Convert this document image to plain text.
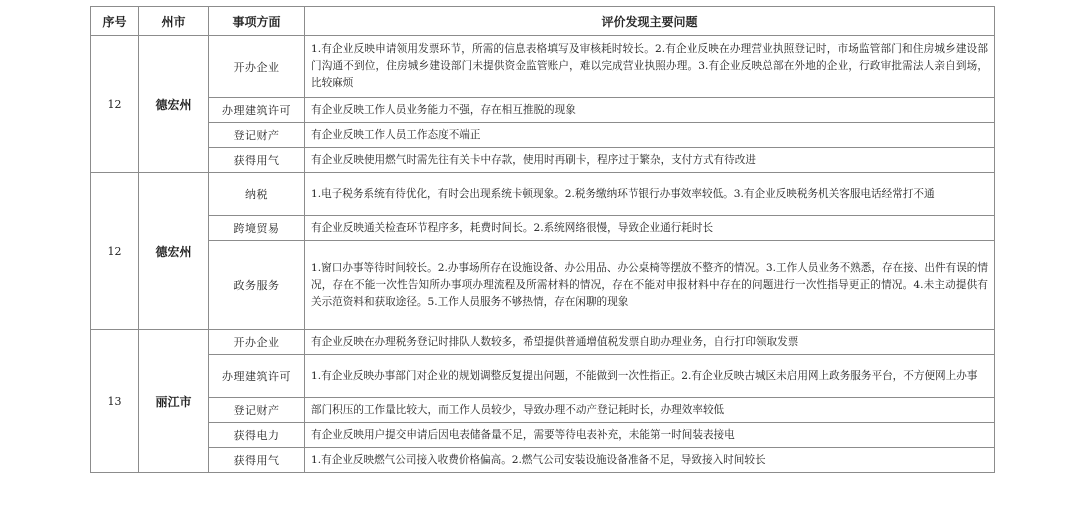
序号	州市	事项方面	评价发现主要问题
12	德宏州	开办企业	1.有企业反映申请领用发票环节，所需的信息表格填写及审核耗时较长。2.有企业反映在办理营业执照登记时，市场监管部门和住房城乡建设部门沟通不到位，住房城乡建设部门未提供资金监管账户，难以完成营业执照办理。3.有企业反映总部在外地的企业，行政审批需法人亲自到场，比较麻烦
		办理建筑许可	有企业反映工作人员业务能力不强，存在相互推脱的现象
		登记财产	有企业反映工作人员工作态度不端正
		获得用气	有企业反映使用燃气时需先往有关卡中存款，使用时再刷卡，程序过于繁杂，支付方式有待改进
12	德宏州	纳税	1.电子税务系统有待优化，有时会出现系统卡顿现象。2.税务缴纳环节银行办事效率较低。3.有企业反映税务机关客服电话经常打不通
		跨境贸易	有企业反映通关检查环节程序多，耗费时间长。2.系统网络很慢，导致企业通行耗时长
		政务服务	1.窗口办事等待时间较长。2.办事场所存在设施设备、办公用品、办公桌椅等摆放不整齐的情况。3.工作人员业务不熟悉，存在接、出件有误的情况，存在不能一次性告知所办事项办理流程及所需材料的情况，存在不能对申报材料中存在的问题进行一次性指导更正的情况。4.未主动提供有关示范资料和获取途径。5.工作人员服务不够热情，存在闲聊的现象
13	丽江市	开办企业	有企业反映在办理税务登记时排队人数较多，希望提供普通增值税发票自助办理业务，自行打印领取发票
		办理建筑许可	1.有企业反映办事部门对企业的规划调整反复提出问题，不能做到一次性指正。2.有企业反映古城区未启用网上政务服务平台，不方便网上办事
		登记财产	部门积压的工作量比较大，而工作人员较少，导致办理不动产登记耗时长，办理效率较低
		获得电力	有企业反映用户提交申请后因电表储备量不足，需要等待电表补充，未能第一时间装表接电
		获得用气	1.有企业反映燃气公司接入收费价格偏高。2.燃气公司安装设施设备准备不足，导致接入时间较长
